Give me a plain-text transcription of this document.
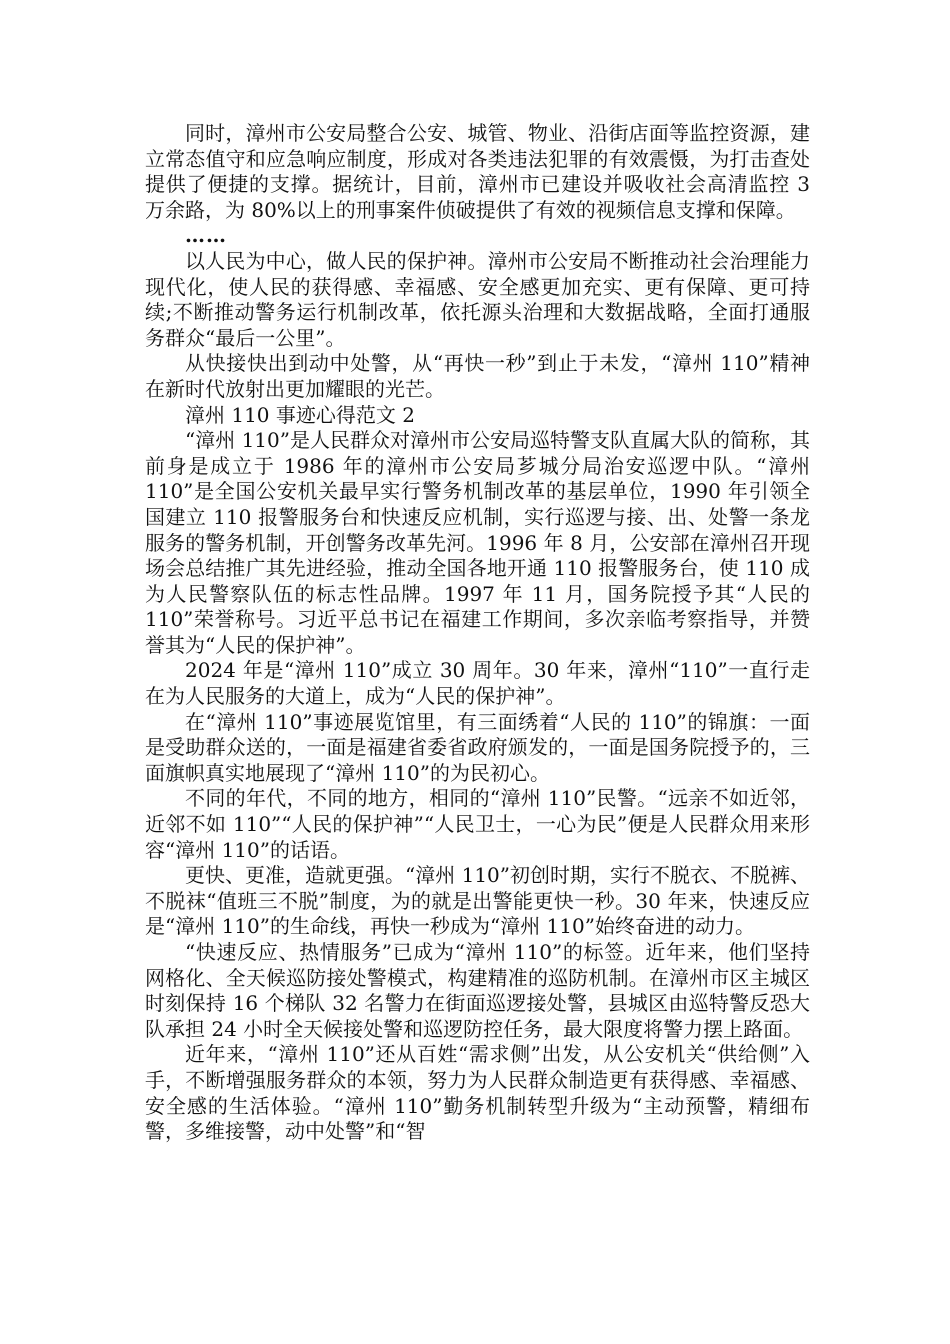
同时，漳州市公安局整合公安、城管、物业、沿街店面等监控资源，建立常态值守和应急响应制度，形成对各类违法犯罪的有效震慑，为打击查处提供了便捷的支撑。据统计，目前，漳州市已建设并吸收社会高清监控 3 万余路，为 80%以上的刑事案件侦破提供了有效的视频信息支撑和保障。

……

以人民为中心，做人民的保护神。漳州市公安局不断推动社会治理能力现代化，使人民的获得感、幸福感、安全感更加充实、更有保障、更可持续;不断推动警务运行机制改革，依托源头治理和大数据战略，全面打通服务群众“最后一公里”。

从快接快出到动中处警，从“再快一秒”到止于未发，“漳州 110”精神在新时代放射出更加耀眼的光芒。

漳州 110 事迹心得范文 2

“漳州 110”是人民群众对漳州市公安局巡特警支队直属大队的简称，其前身是成立于 1986 年的漳州市公安局芗城分局治安巡逻中队。“漳州 110”是全国公安机关最早实行警务机制改革的基层单位，1990 年引领全国建立 110 报警服务台和快速反应机制，实行巡逻与接、出、处警一条龙服务的警务机制，开创警务改革先河。1996 年 8 月，公安部在漳州召开现场会总结推广其先进经验，推动全国各地开通 110 报警服务台，使 110 成为人民警察队伍的标志性品牌。1997 年 11 月，国务院授予其“人民的 110”荣誉称号。习近平总书记在福建工作期间，多次亲临考察指导，并赞誉其为“人民的保护神”。

2024 年是“漳州 110”成立 30 周年。30 年来，漳州“110”一直行走在为人民服务的大道上，成为“人民的保护神”。

在“漳州 110”事迹展览馆里，有三面绣着“人民的 110”的锦旗：一面是受助群众送的，一面是福建省委省政府颁发的，一面是国务院授予的，三面旗帜真实地展现了“漳州 110”的为民初心。

不同的年代，不同的地方，相同的“漳州 110”民警。“远亲不如近邻，近邻不如 110”“人民的保护神”“人民卫士，一心为民”便是人民群众用来形容“漳州 110”的话语。

更快、更准，造就更强。“漳州 110”初创时期，实行不脱衣、不脱裤、不脱袜“值班三不脱”制度，为的就是出警能更快一秒。30 年来，快速反应是“漳州 110”的生命线，再快一秒成为“漳州 110”始终奋进的动力。

“快速反应、热情服务”已成为“漳州 110”的标签。近年来，他们坚持网格化、全天候巡防接处警模式，构建精准的巡防机制。在漳州市区主城区时刻保持 16 个梯队 32 名警力在街面巡逻接处警，县城区由巡特警反恐大队承担 24 小时全天候接处警和巡逻防控任务，最大限度将警力摆上路面。

近年来，“漳州 110”还从百姓“需求侧”出发，从公安机关“供给侧”入手，不断增强服务群众的本领，努力为人民群众制造更有获得感、幸福感、安全感的生活体验。“漳州 110”勤务机制转型升级为“主动预警，精细布警，多维接警，动中处警”和“智
